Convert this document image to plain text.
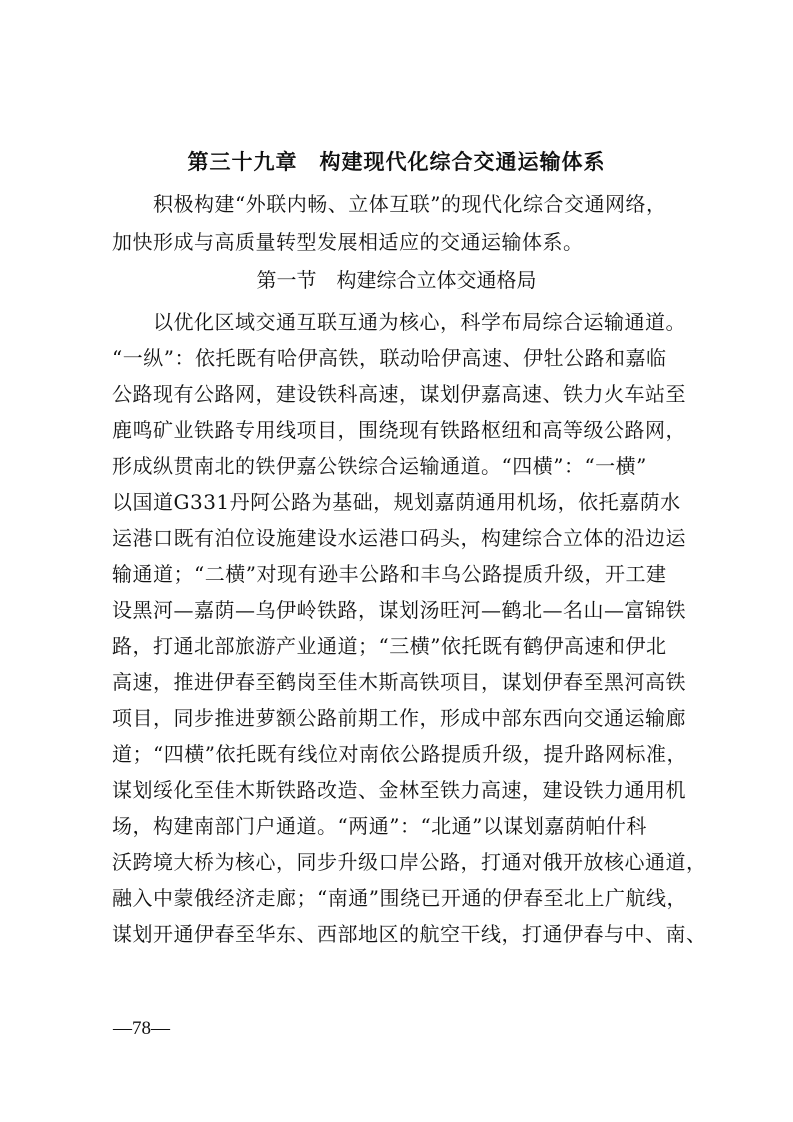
第三十九章　构建现代化综合交通运输体系
　　积极构建“外联内畅、立体互联”的现代化综合交通网络，
加快形成与高质量转型发展相适应的交通运输体系。
第一节　构建综合立体交通格局
　　以优化区域交通互联互通为核心，科学布局综合运输通道。
“一纵”：依托既有哈伊高铁，联动哈伊高速、伊牡公路和嘉临
公路现有公路网，建设铁科高速，谋划伊嘉高速、铁力火车站至
鹿鸣矿业铁路专用线项目，围绕现有铁路枢纽和高等级公路网，
形成纵贯南北的铁伊嘉公铁综合运输通道。“四横”：“一横”
以国道G331丹阿公路为基础，规划嘉荫通用机场，依托嘉荫水
运港口既有泊位设施建设水运港口码头，构建综合立体的沿边运
输通道；“二横”对现有逊丰公路和丰乌公路提质升级，开工建
设黑河—嘉荫—乌伊岭铁路，谋划汤旺河—鹤北—名山—富锦铁
路，打通北部旅游产业通道；“三横”依托既有鹤伊高速和伊北
高速，推进伊春至鹤岗至佳木斯高铁项目，谋划伊春至黑河高铁
项目，同步推进萝额公路前期工作，形成中部东西向交通运输廊
道；“四横”依托既有线位对南依公路提质升级，提升路网标准，
谋划绥化至佳木斯铁路改造、金林至铁力高速，建设铁力通用机
场，构建南部门户通道。“两通”：“北通”以谋划嘉荫帕什科
沃跨境大桥为核心，同步升级口岸公路，打通对俄开放核心通道，
融入中蒙俄经济走廊；“南通”围绕已开通的伊春至北上广航线，
谋划开通伊春至华东、西部地区的航空干线，打通伊春与中、南、
—78—
